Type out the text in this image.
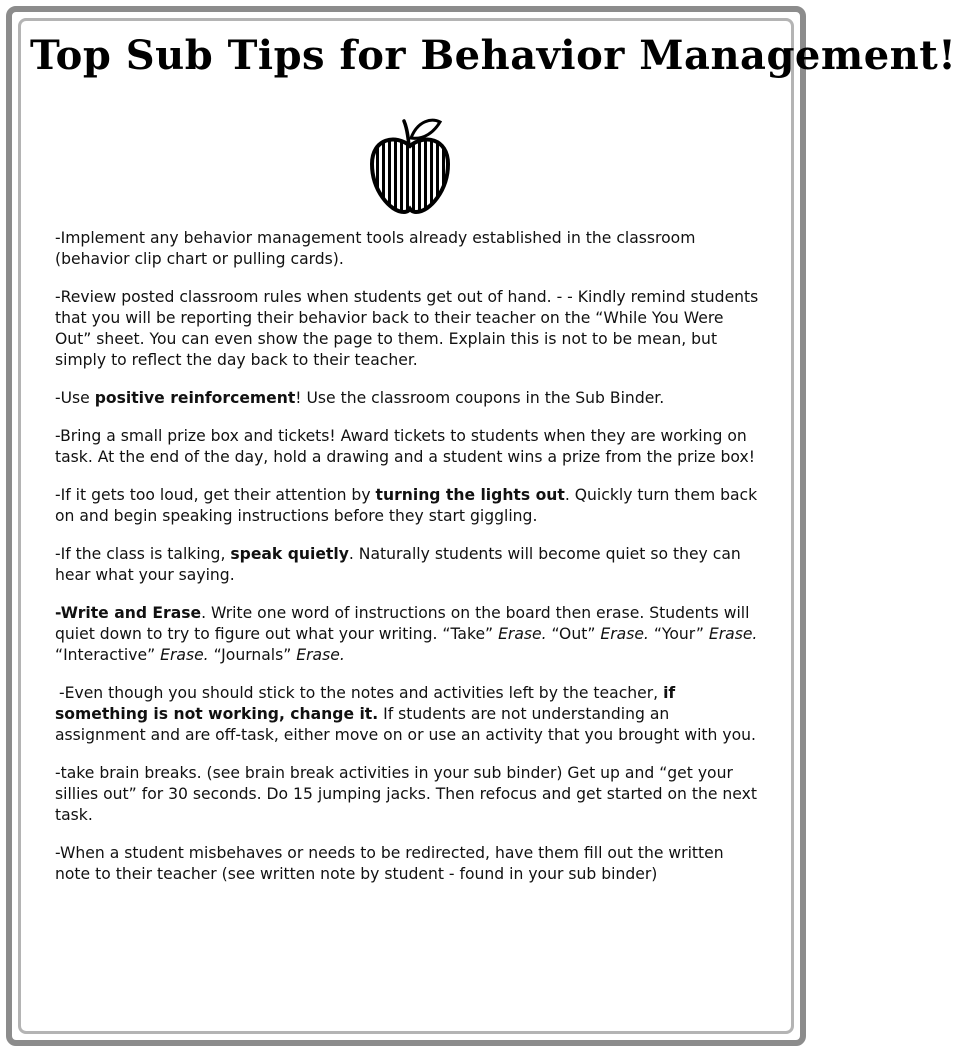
Top Sub Tips for Behavior Management!

-Implement any behavior management tools already established in the classroom (behavior clip chart or pulling cards).

-Review posted classroom rules when students get out of hand. - - Kindly remind students that you will be reporting their behavior back to their teacher on the “While You Were Out” sheet. You can even show the page to them. Explain this is not to be mean, but simply to reflect the day back to their teacher.

-Use positive reinforcement! Use the classroom coupons in the Sub Binder.

-Bring a small prize box and tickets! Award tickets to students when they are working on task. At the end of the day, hold a drawing and a student wins a prize from the prize box!

-If it gets too loud, get their attention by turning the lights out. Quickly turn them back on and begin speaking instructions before they start giggling.

-If the class is talking, speak quietly. Naturally students will become quiet so they can hear what your saying.

-Write and Erase. Write one word of instructions on the board then erase. Students will quiet down to try to figure out what your writing. “Take” Erase. “Out” Erase. “Your” Erase. “Interactive” Erase. “Journals” Erase.

-Even though you should stick to the notes and activities left by the teacher, if something is not working, change it. If students are not understanding an assignment and are off-task, either move on or use an activity that you brought with you.

-take brain breaks. (see brain break activities in your sub binder) Get up and “get your sillies out” for 30 seconds. Do 15 jumping jacks. Then refocus and get started on the next task.

-When a student misbehaves or needs to be redirected, have them fill out the written note to their teacher (see written note by student - found in your sub binder)
